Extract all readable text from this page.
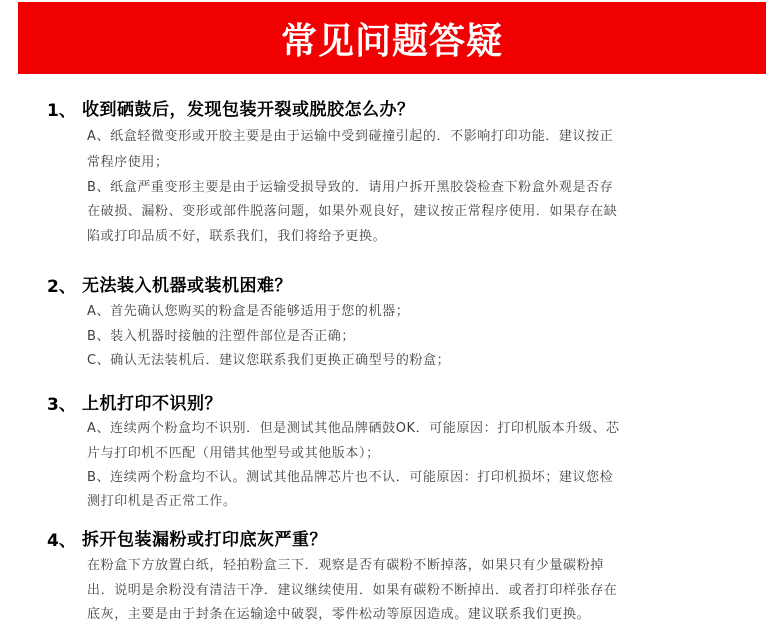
常见问题答疑
1、 收到硒鼓后，发现包装开裂或脱胶怎么办？
A、纸盒轻微变形或开胶主要是由于运输中受到碰撞引起的．不影响打印功能．建议按正
常程序使用；
B、纸盒严重变形主要是由于运输受损导致的．请用户拆开黑胶袋检查下粉盒外观是否存
在破损、漏粉、变形或部件脱落问题，如果外观良好，建议按正常程序使用．如果存在缺
陷或打印品质不好，联系我们，我们将给予更换。
2、 无法装入机器或装机困难？
A、首先确认您购买的粉盒是否能够适用于您的机器；
B、装入机器时接触的注塑件部位是否正确；
C、确认无法装机后．建议您联系我们更换正确型号的粉盒；
3、 上机打印不识别？
A、连续两个粉盒均不识别．但是测试其他品牌硒鼓OK．可能原因：打印机版本升级、芯
片与打印机不匹配（用错其他型号或其他版本）；
B、连续两个粉盒均不认。测试其他品牌芯片也不认．可能原因：打印机损坏；建议您检
测打印机是否正常工作。
4、 拆开包装漏粉或打印底灰严重？
在粉盒下方放置白纸，轻拍粉盒三下．观察是否有碳粉不断掉落，如果只有少量碳粉掉
出．说明是余粉没有清洁干净．建议继续使用．如果有碳粉不断掉出．或者打印样张存在
底灰，主要是由于封条在运输途中破裂，零件松动等原因造成。建议联系我们更换。
